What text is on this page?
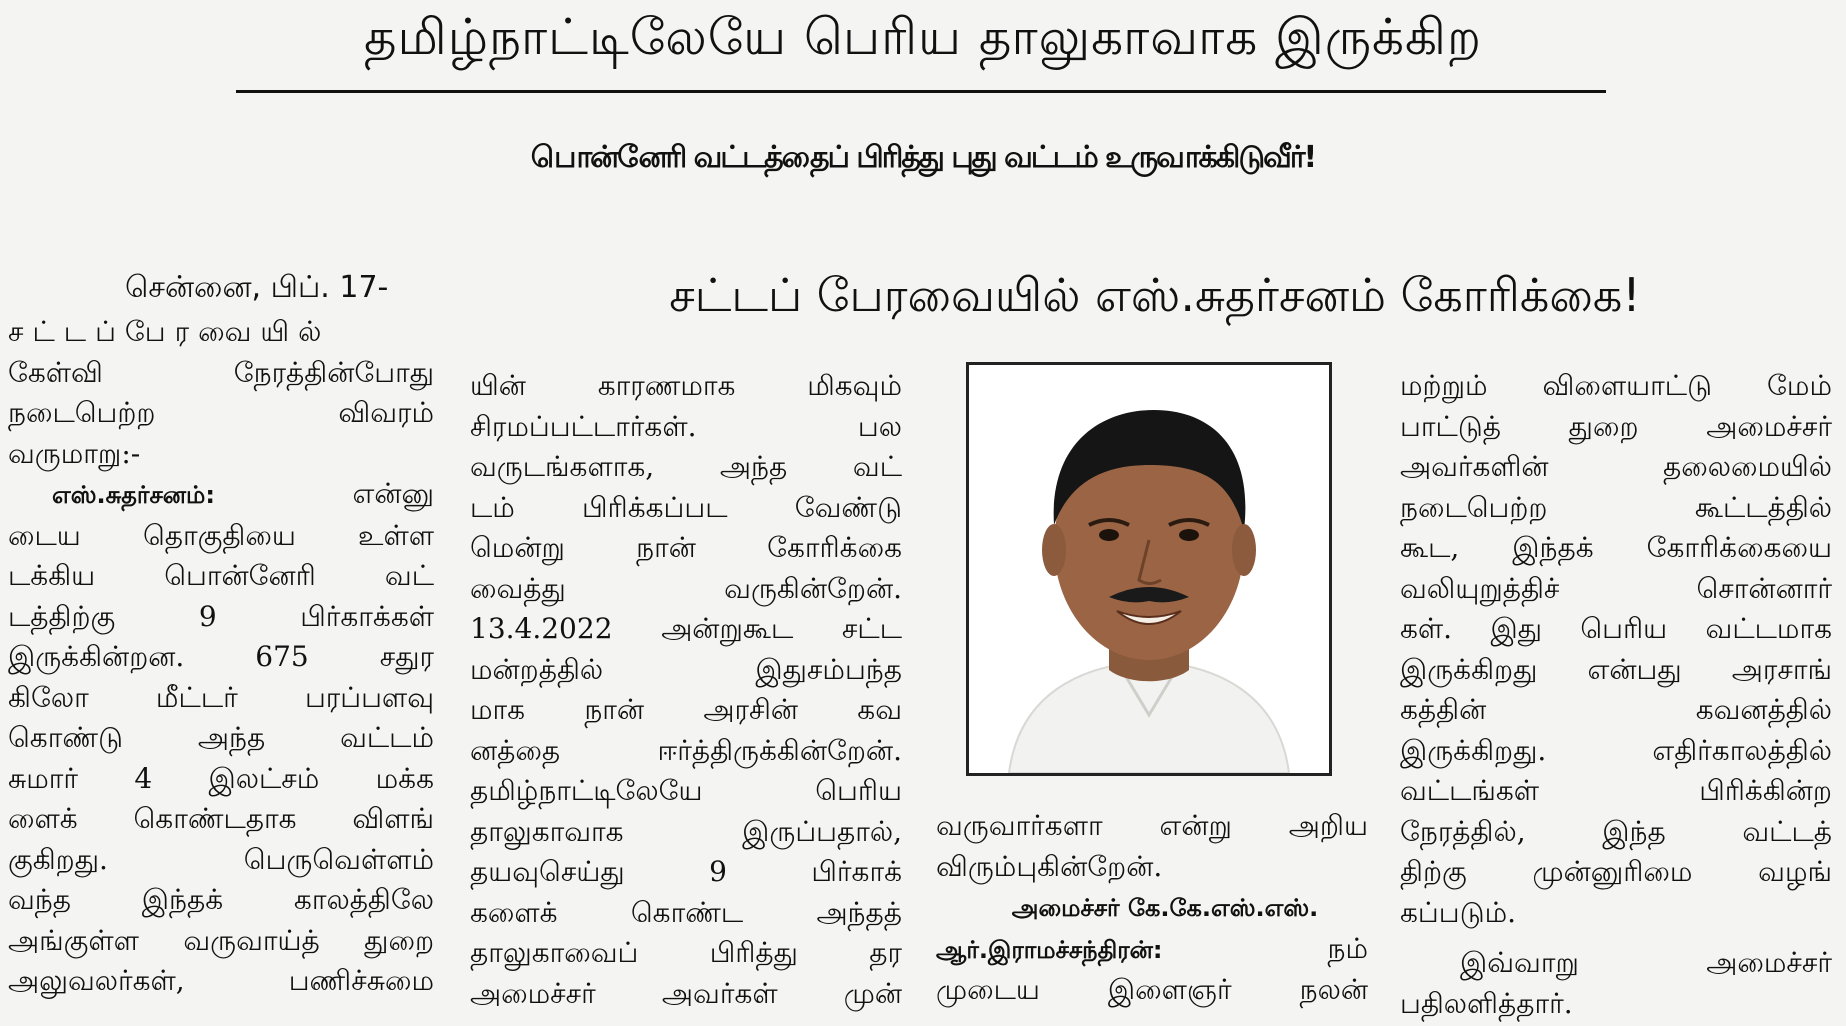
தமிழ்நாட்டிலேயே பெரிய தாலுகாவாக இருக்கிற
பொன்னேரி வட்டத்தைப் பிரித்து புது வட்டம் உருவாக்கிடுவீர்!
சென்னை, பிப். 17-	சட்டப் பேரவையில் எஸ்.சுதர்சனம் கோரிக்கை!
சட்டப்பேரவையில்
கேள்வி நேரத்தின்போது
நடைபெற்ற விவரம்
வருமாறு:-
எஸ்.சுதர்சனம்:	என்னு
டைய தொகுதியை உள்ள
டக்கிய பொன்னேரி வட்
டத்திற்கு 9 பிர்காக்கள்
இருக்கின்றன. 675 சதுர
கிலோ மீட்டர் பரப்பளவு
கொண்டு அந்த வட்டம்
சுமார் 4 இலட்சம் மக்க
ளைக் கொண்டதாக விளங்
குகிறது. பெருவெள்ளம்
வந்த இந்தக் காலத்திலே
அங்குள்ள வருவாய்த் துறை
அலுவலர்கள், பணிச்சுமை
யின் காரணமாக மிகவும்
சிரமப்பட்டார்கள். பல
வருடங்களாக, அந்த வட்
டம் பிரிக்கப்பட வேண்டு
மென்று நான் கோரிக்கை
வைத்து வருகின்றேன்.
13.4.2022 அன்றுகூட சட்ட
மன்றத்தில் இதுசம்பந்த
மாக நான் அரசின் கவ
னத்தை ஈர்த்திருக்கின்றேன்.
தமிழ்நாட்டிலேயே பெரிய
தாலுகாவாக இருப்பதால்,
தயவுசெய்து 9 பிர்காக்
களைக் கொண்ட அந்தத்
தாலுகாவைப் பிரித்து தர
அமைச்சர் அவர்கள் முன்
வருவார்களா என்று அறிய
விரும்புகின்றேன்.
அமைச்சர் கே.கே.எஸ்.எஸ்.
ஆர்.இராமச்சந்திரன்:	நம்
முடைய இளைஞர் நலன்
மற்றும் விளையாட்டு மேம்
பாட்டுத் துறை அமைச்சர்
அவர்களின் தலைமையில்
நடைபெற்ற கூட்டத்தில்
கூட, இந்தக் கோரிக்கையை
வலியுறுத்திச் சொன்னார்
கள். இது பெரிய வட்டமாக
இருக்கிறது என்பது அரசாங்
கத்தின் கவனத்தில்
இருக்கிறது. எதிர்காலத்தில்
வட்டங்கள் பிரிக்கின்ற
நேரத்தில், இந்த வட்டத்
திற்கு முன்னுரிமை வழங்
கப்படும்.
இவ்வாறு அமைச்சர்
பதிலளித்தார்.
